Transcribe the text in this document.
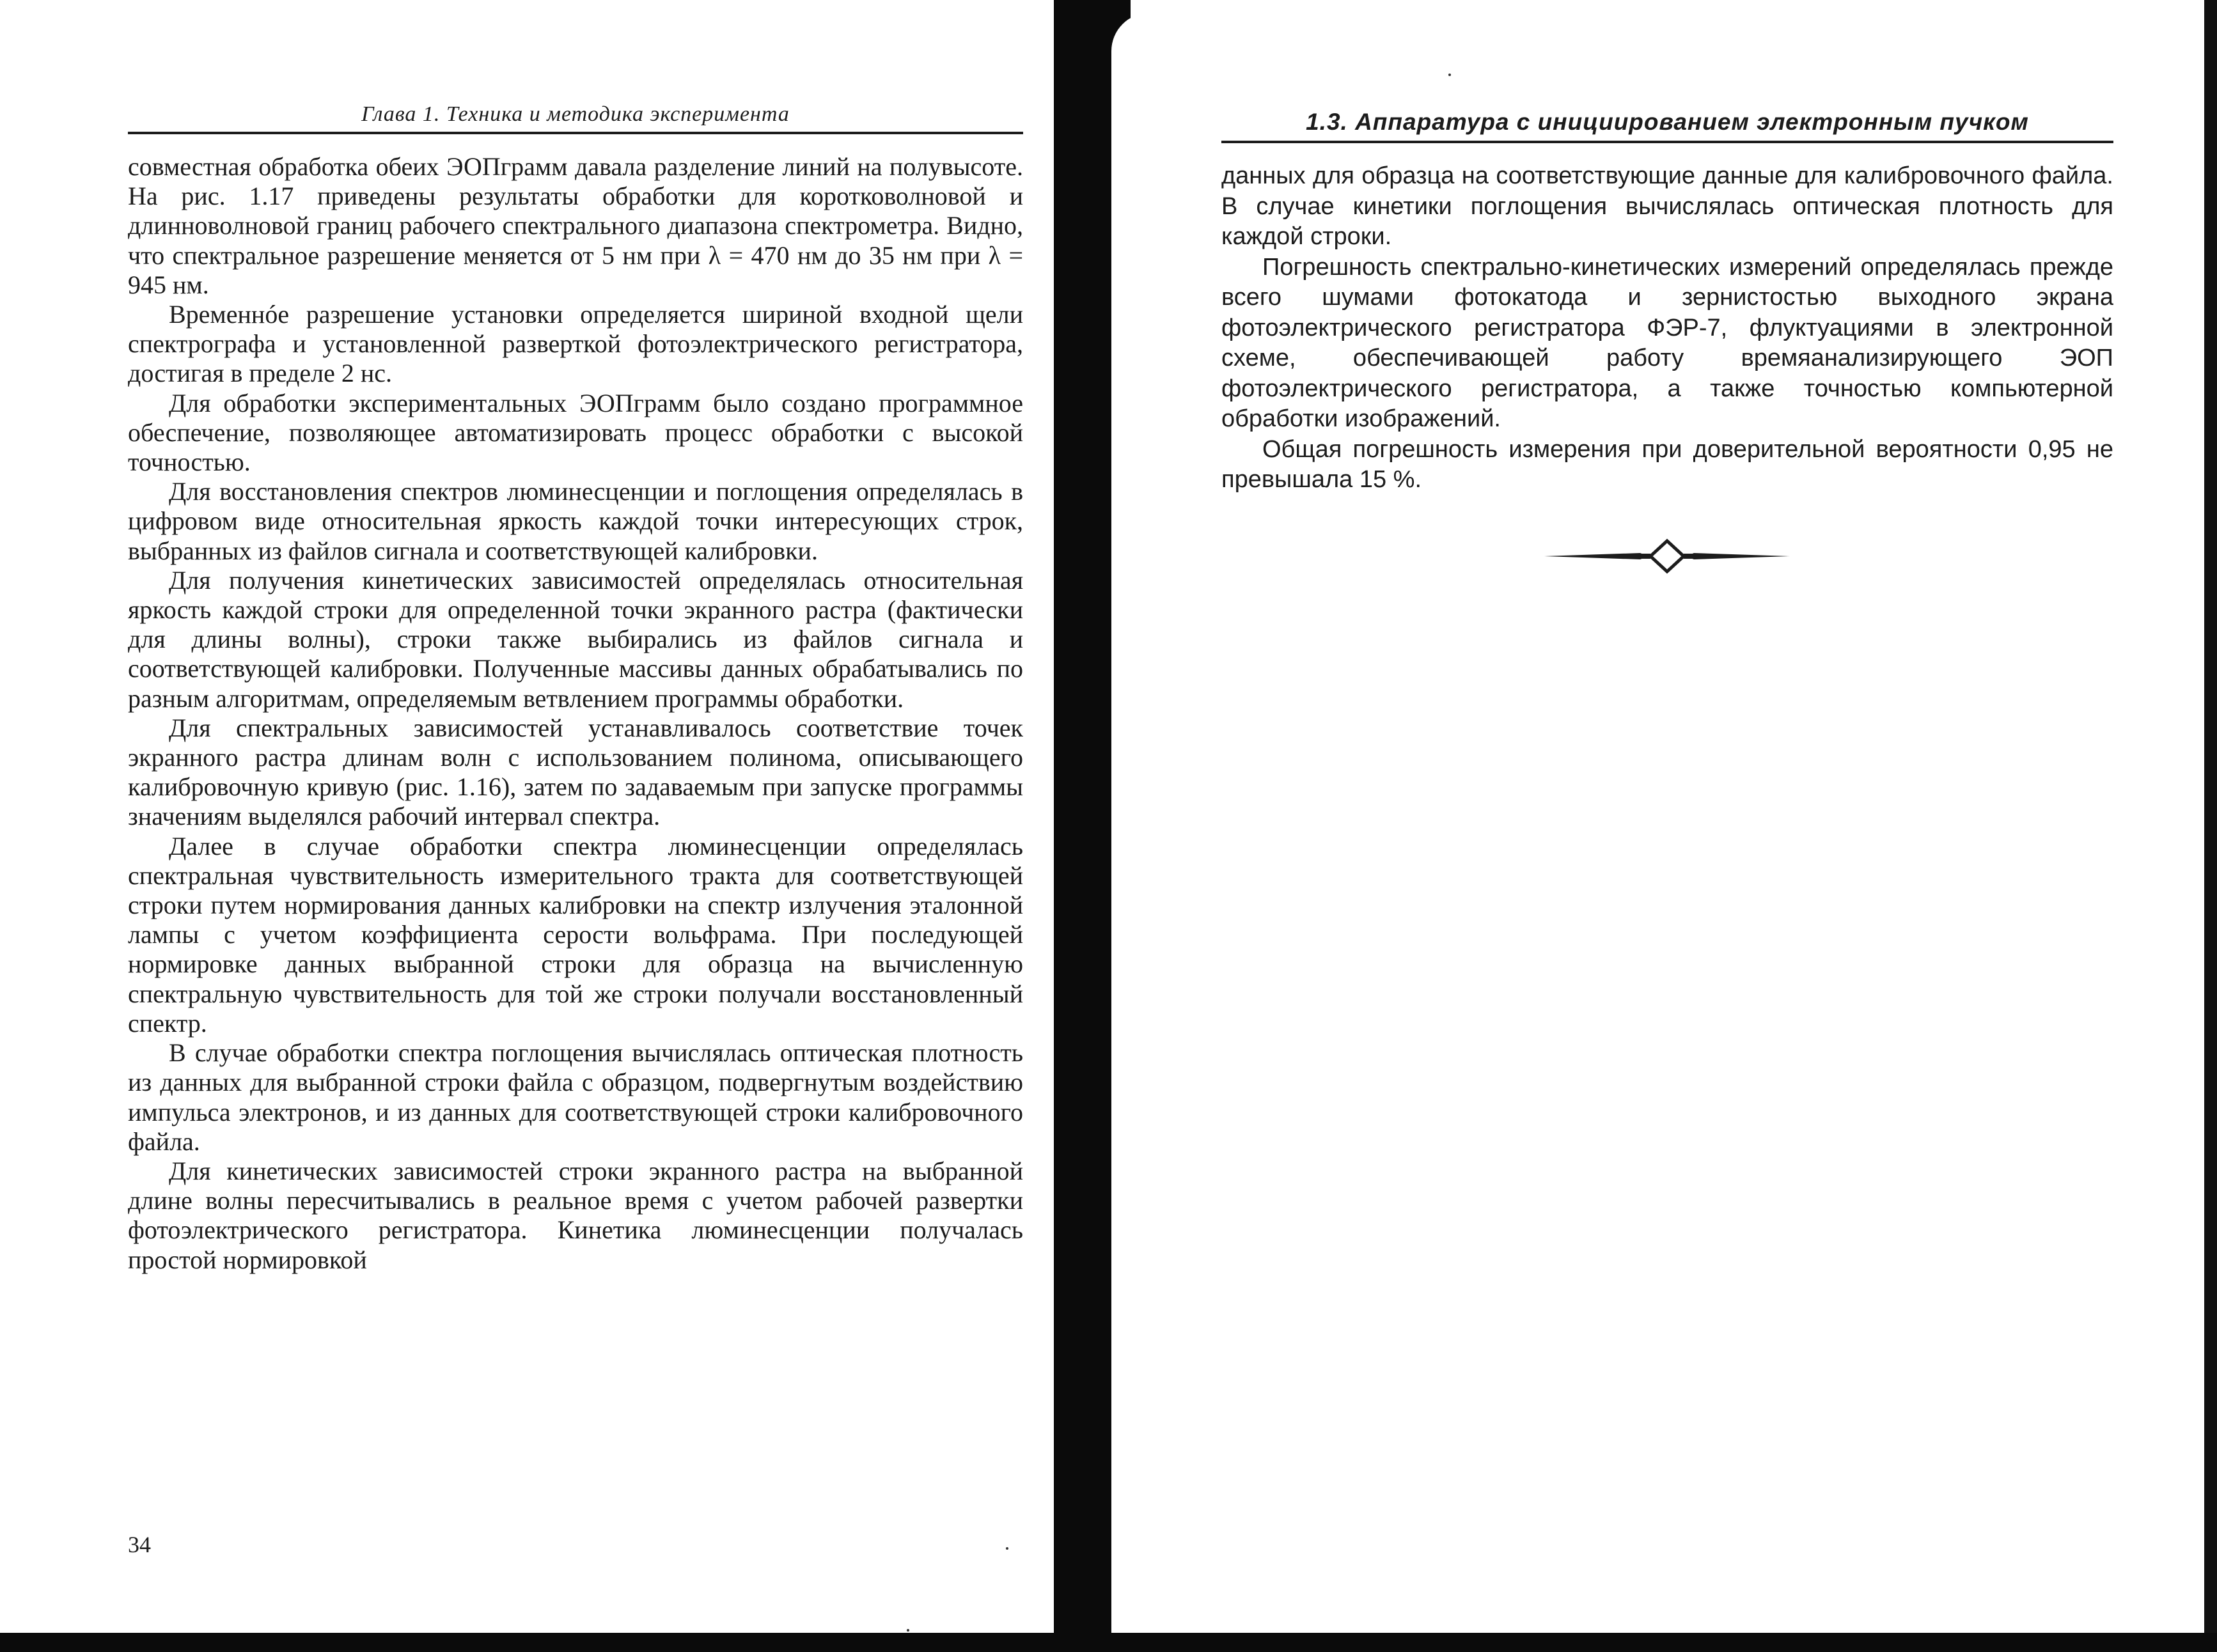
Глава 1. Техника и методика эксперимента

совместная обработка обеих ЭОПграмм давала разделение линий на полувысоте. На рис. 1.17 приведены результаты обработки для коротковолновой и длинноволновой границ рабочего спектрального диапазона спектрометра. Видно, что спектральное разрешение меняется от 5 нм при λ = 470 нм до 35 нм при λ = 945 нм.

Временнóе разрешение установки определяется шириной входной щели спектрографа и установленной разверткой фотоэлектрического регистратора, достигая в пределе 2 нс.

Для обработки экспериментальных ЭОПграмм было создано программное обеспечение, позволяющее автоматизировать процесс обработки с высокой точностью.

Для восстановления спектров люминесценции и поглощения определялась в цифровом виде относительная яркость каждой точки интересующих строк, выбранных из файлов сигнала и соответствующей калибровки.

Для получения кинетических зависимостей определялась относительная яркость каждой строки для определенной точки экранного растра (фактически для длины волны), строки также выбирались из файлов сигнала и соответствующей калибровки. Полученные массивы данных обрабатывались по разным алгоритмам, определяемым ветвлением программы обработки.

Для спектральных зависимостей устанавливалось соответствие точек экранного растра длинам волн с использованием полинома, описывающего калибровочную кривую (рис. 1.16), затем по задаваемым при запуске программы значениям выделялся рабочий интервал спектра.

Далее в случае обработки спектра люминесценции определялась спектральная чувствительность измерительного тракта для соответствующей строки путем нормирования данных калибровки на спектр излучения эталонной лампы с учетом коэффициента серости вольфрама. При последующей нормировке данных выбранной строки для образца на вычисленную спектральную чувствительность для той же строки получали восстановленный спектр.

В случае обработки спектра поглощения вычислялась оптическая плотность из данных для выбранной строки файла с образцом, подвергнутым воздействию импульса электронов, и из данных для соответствующей строки калибровочного файла.

Для кинетических зависимостей строки экранного растра на выбранной длине волны пересчитывались в реальное время с учетом рабочей развертки фотоэлектрического регистратора. Кинетика люминесценции получалась простой нормировкой

34
1.3. Аппаратура с инициированием электронным пучком

данных для образца на соответствующие данные для калибровочного файла. В случае кинетики поглощения вычислялась оптическая плотность для каждой строки.

Погрешность спектрально-кинетических измерений определялась прежде всего шумами фотокатода и зернистостью выходного экрана фотоэлектрического регистратора ФЭР-7, флуктуациями в электронной схеме, обеспечивающей работу времяанализирующего ЭОП фотоэлектрического регистратора, а также точностью компьютерной обработки изображений.

Общая погрешность измерения при доверительной вероятности 0,95 не превышала 15 %.
